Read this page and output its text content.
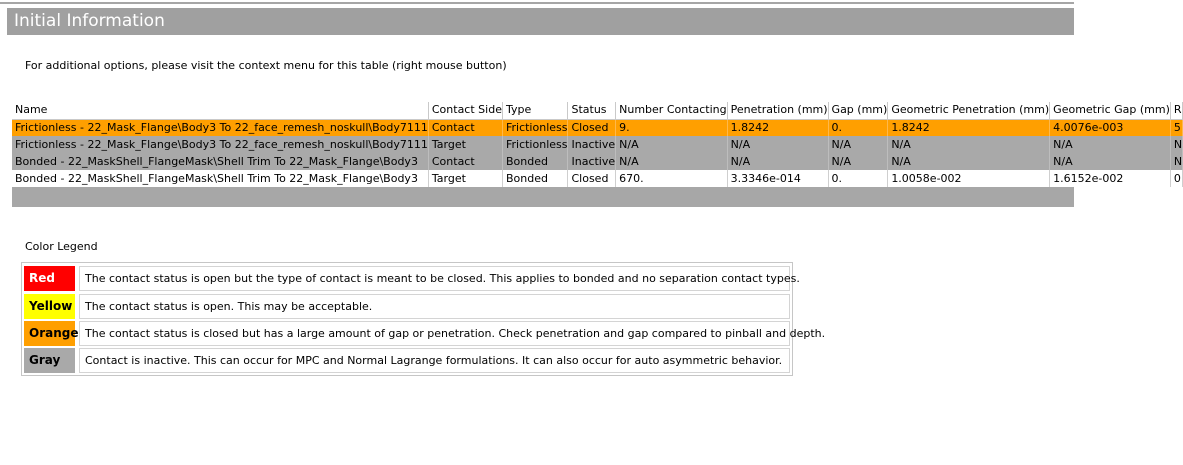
Initial Information
For additional options, please visit the context menu for this table (right mouse button)
Name	Contact Side	Type	Status	Number Contacting	Penetration (mm)	Gap (mm)	Geometric Penetration (mm)	Geometric Gap (mm)	R
Frictionless - 22_Mask_Flange\Body3 To 22_face_remesh_noskull\Body7111	Contact	Frictionless	Closed	9.	1.8242	0.	1.8242	4.0076e-003	5
Frictionless - 22_Mask_Flange\Body3 To 22_face_remesh_noskull\Body7111	Target	Frictionless	Inactive	N/A	N/A	N/A	N/A	N/A	N
Bonded - 22_MaskShell_FlangeMask\Shell Trim To 22_Mask_Flange\Body3	Contact	Bonded	Inactive	N/A	N/A	N/A	N/A	N/A	N
Bonded - 22_MaskShell_FlangeMask\Shell Trim To 22_Mask_Flange\Body3	Target	Bonded	Closed	670.	3.3346e-014	0.	1.0058e-002	1.6152e-002	0
Color Legend
Red	The contact status is open but the type of contact is meant to be closed. This applies to bonded and no separation contact types.
Yellow	The contact status is open. This may be acceptable.
Orange The contact status is closed but has a large amount of gap or penetration. Check penetration and gap compared to pinball and depth.
Gray	Contact is inactive. This can occur for MPC and Normal Lagrange formulations. It can also occur for auto asymmetric behavior.
